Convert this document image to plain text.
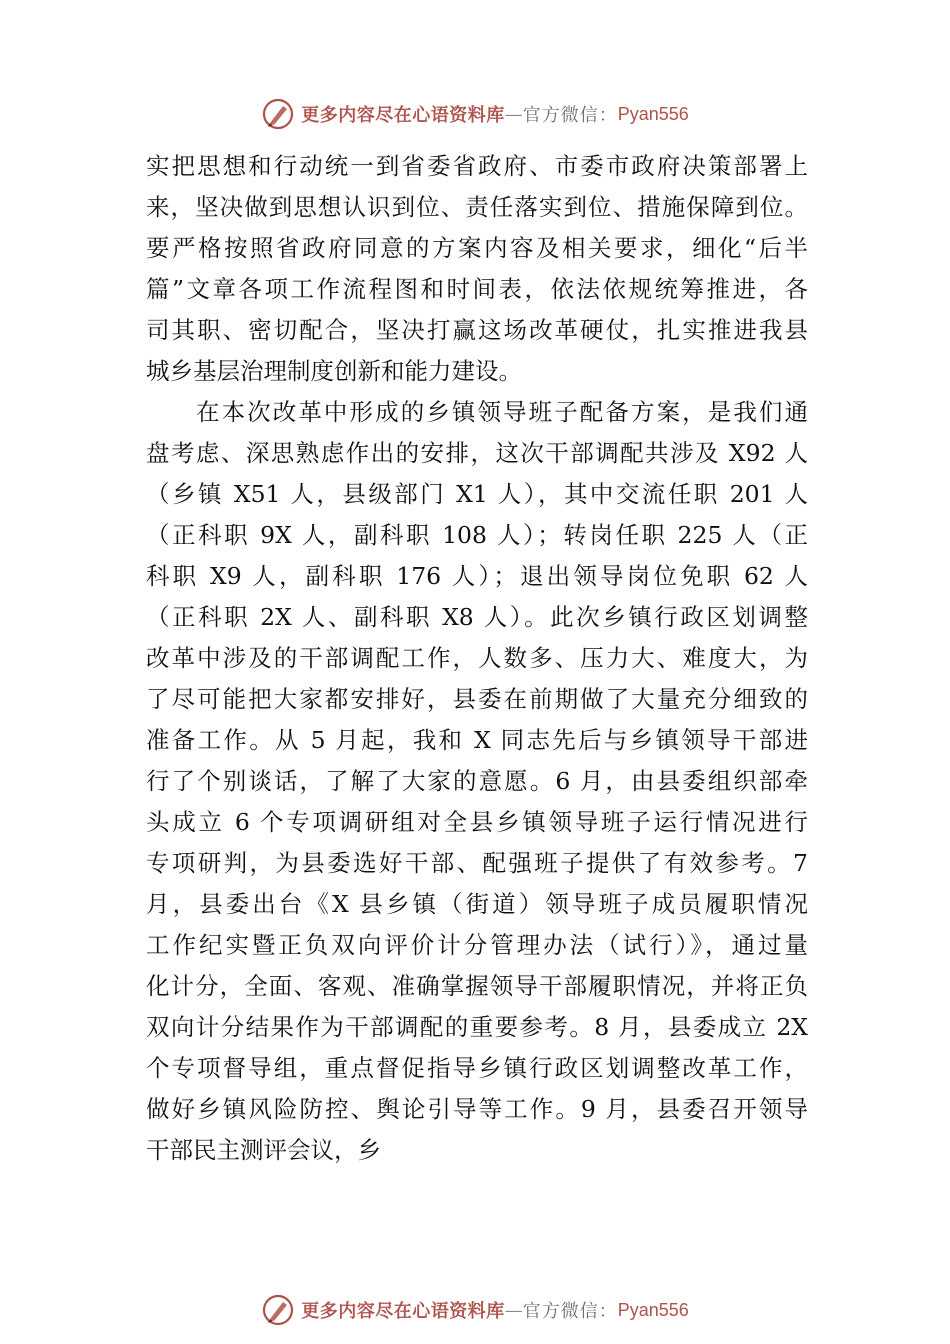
更多内容尽在心语资料库 — 官方微信： Pyan556
实把思想和行动统一到省委省政府、市委市政府决策部署上
来，坚决做到思想认识到位、责任落实到位、措施保障到位。
要严格按照省政府同意的方案内容及相关要求，细化“后半
篇”文章各项工作流程图和时间表，依法依规统筹推进，各
司其职、密切配合，坚决打赢这场改革硬仗，扎实推进我县
城乡基层治理制度创新和能力建设。
在本次改革中形成的乡镇领导班子配备方案，是我们通
盘考虑、深思熟虑作出的安排，这次干部调配共涉及 X92 人
（乡镇 X51 人，县级部门 X1 人），其中交流任职 201 人
（正科职 9X 人，副科职 108 人）；转岗任职 225 人（正
科职 X9 人，副科职 176 人）；退出领导岗位免职 62 人
（正科职 2X 人、副科职 X8 人）。此次乡镇行政区划调整
改革中涉及的干部调配工作，人数多、压力大、难度大，为
了尽可能把大家都安排好，县委在前期做了大量充分细致的
准备工作。从 5 月起，我和 X 同志先后与乡镇领导干部进
行了个别谈话，了解了大家的意愿。6 月，由县委组织部牵
头成立 6 个专项调研组对全县乡镇领导班子运行情况进行
专项研判，为县委选好干部、配强班子提供了有效参考。7
月，县委出台《X 县乡镇（街道）领导班子成员履职情况
工作纪实暨正负双向评价计分管理办法（试行）》，通过量
化计分，全面、客观、准确掌握领导干部履职情况，并将正负
双向计分结果作为干部调配的重要参考。8 月，县委成立 2X
个专项督导组，重点督促指导乡镇行政区划调整改革工作，
做好乡镇风险防控、舆论引导等工作。9 月，县委召开领导
干部民主测评会议，乡
更多内容尽在心语资料库 — 官方微信： Pyan556
